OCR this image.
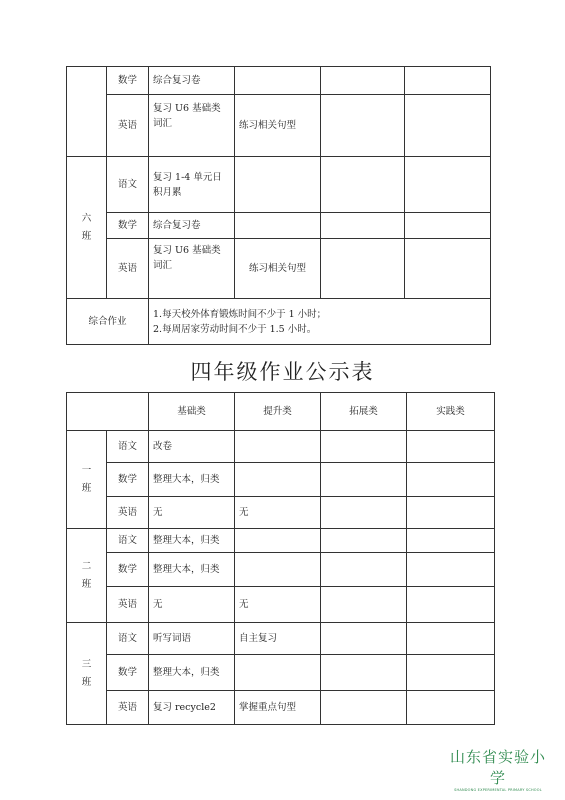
	数学	综合复习卷			
	英语	复习 U6 基础类词汇	练习相关句型		

六
班	语文	复习 1-4 单元日积月累			
	数学	综合复习卷			
	英语	复习 U6 基础类词汇	练习相关句型		
综合作业		1.每天校外体育锻炼时间不少于 1 小时；
2.每周居家劳动时间不少于 1.5 小时。			
四年级作业公示表
		基础类	提升类	拓展类	实践类

一
班	语文	改卷			
	数学	整理大本，归类			
	英语	无	无		

二
班	语文	整理大本，归类			
	数学	整理大本，归类			
	英语	无	无		

三
班	语文	听写词语	自主复习		
	数学	整理大本，归类			
	英语	复习 recycle2	掌握重点句型		
山东省实验小学
SHANDONG EXPERIMENTAL PRIMARY SCHOOL
